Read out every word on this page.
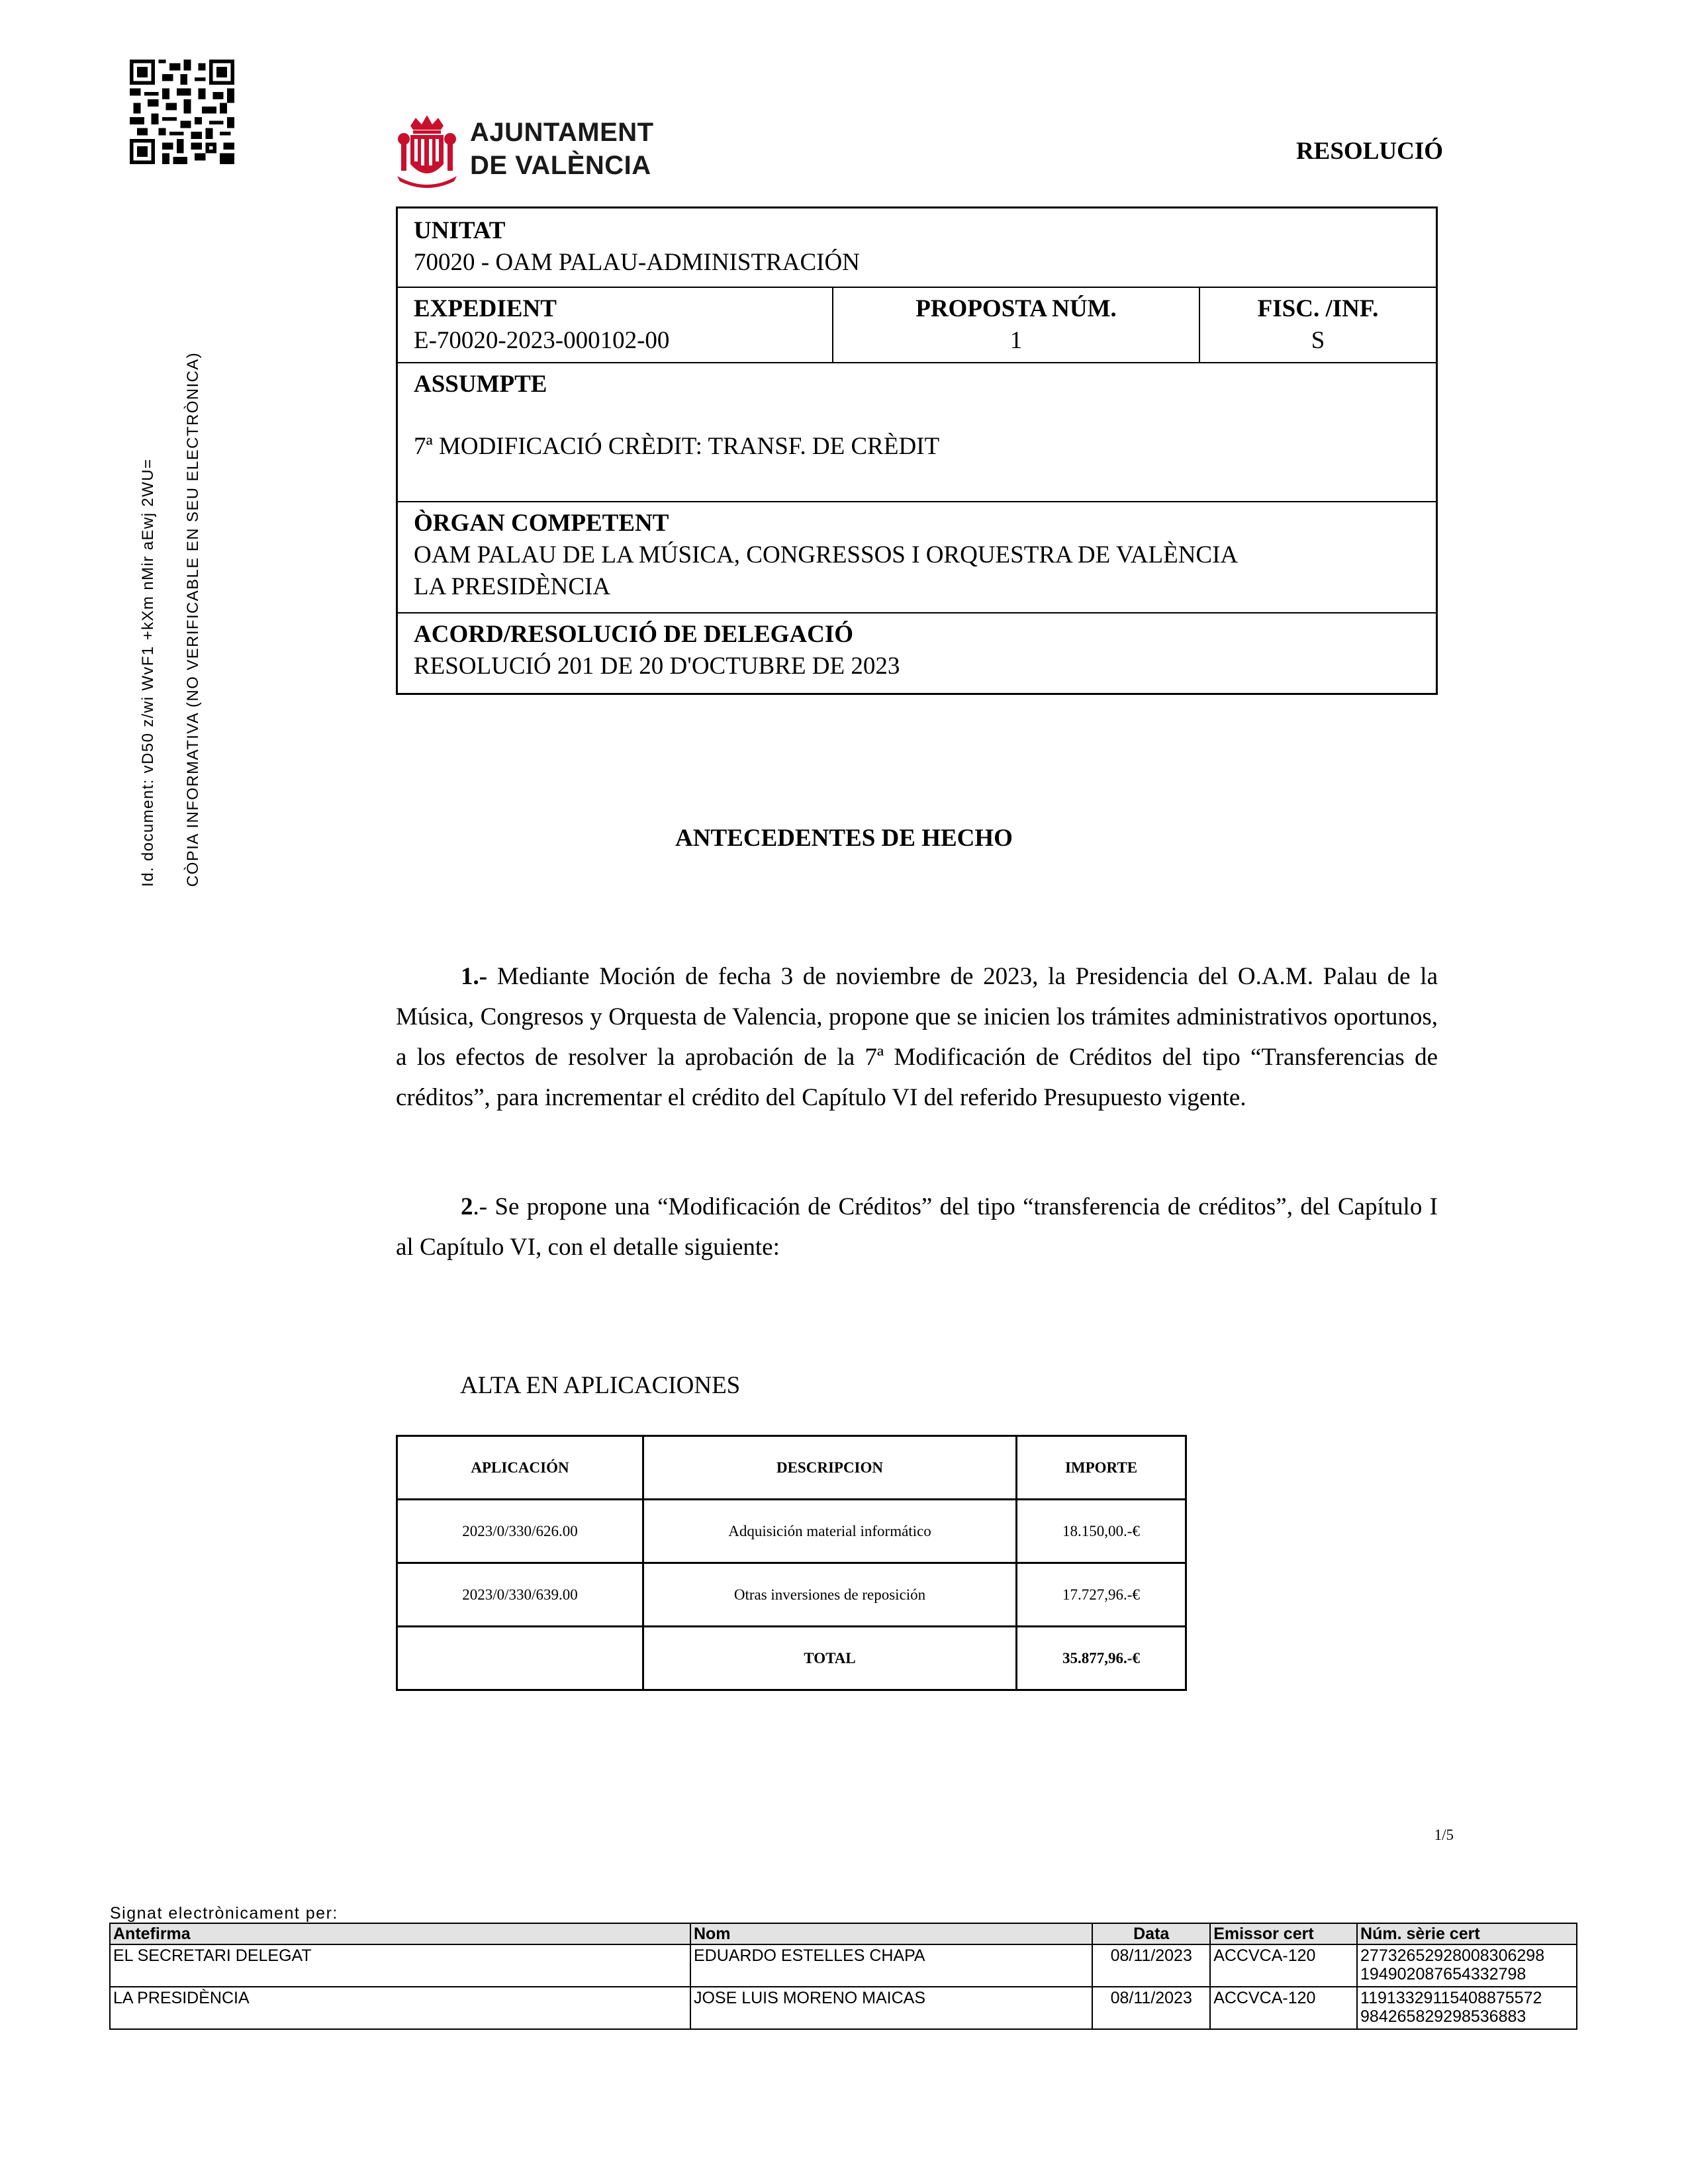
AJUNTAMENT
DE VALÈNCIA	RESOLUCIÓ
Id. document: vD50 z/wi WvF1 +kXm nMir aEwj 2WU= CÒPIA INFORMATIVA (NO VERIFICABLE EN SEU ELECTRÒNICA)
UNITAT
70020 - OAM PALAU-ADMINISTRACIÓN
EXPEDIENT
E-70020-2023-000102-00
PROPOSTA NÚM.
1
FISC. /INF.
S
ASSUMPTE
7ª MODIFICACIÓ CRÈDIT: TRANSF. DE CRÈDIT
ÒRGAN COMPETENT
OAM PALAU DE LA MÚSICA, CONGRESSOS I ORQUESTRA DE VALÈNCIA
LA PRESIDÈNCIA
ACORD/RESOLUCIÓ DE DELEGACIÓ
RESOLUCIÓ 201 DE 20 D'OCTUBRE DE 2023
ANTECEDENTES DE HECHO
1.- Mediante Moción de fecha 3 de noviembre de 2023, la Presidencia del O.A.M. Palau de la Música, Congresos y Orquesta de Valencia, propone que se inicien los trámites administrativos oportunos, a los efectos de resolver la aprobación de la 7ª Modificación de Créditos del tipo “Transferencias de créditos”, para incrementar el crédito del Capítulo VI del referido Presupuesto vigente.
2.- Se propone una “Modificación de Créditos” del tipo “transferencia de créditos”, del Capítulo I al Capítulo VI, con el detalle siguiente:
ALTA EN APLICACIONES
APLICACIÓN	DESCRIPCION	IMPORTE
2023/0/330/626.00	Adquisición material informático	18.150,00.-€
2023/0/330/639.00	Otras inversiones de reposición	17.727,96.-€
	TOTAL	35.877,96.-€
1/5
Signat electrònicament per:
Antefirma	Nom	Data	Emissor cert	Núm. sèrie cert
EL SECRETARI DELEGAT	EDUARDO ESTELLES CHAPA	08/11/2023	ACCVCA-120	27732652928008306298
194902087654332798

LA PRESIDÈNCIA	JOSE LUIS MORENO MAICAS	08/11/2023	ACCVCA-120	11913329115408875572
984265829298536883
